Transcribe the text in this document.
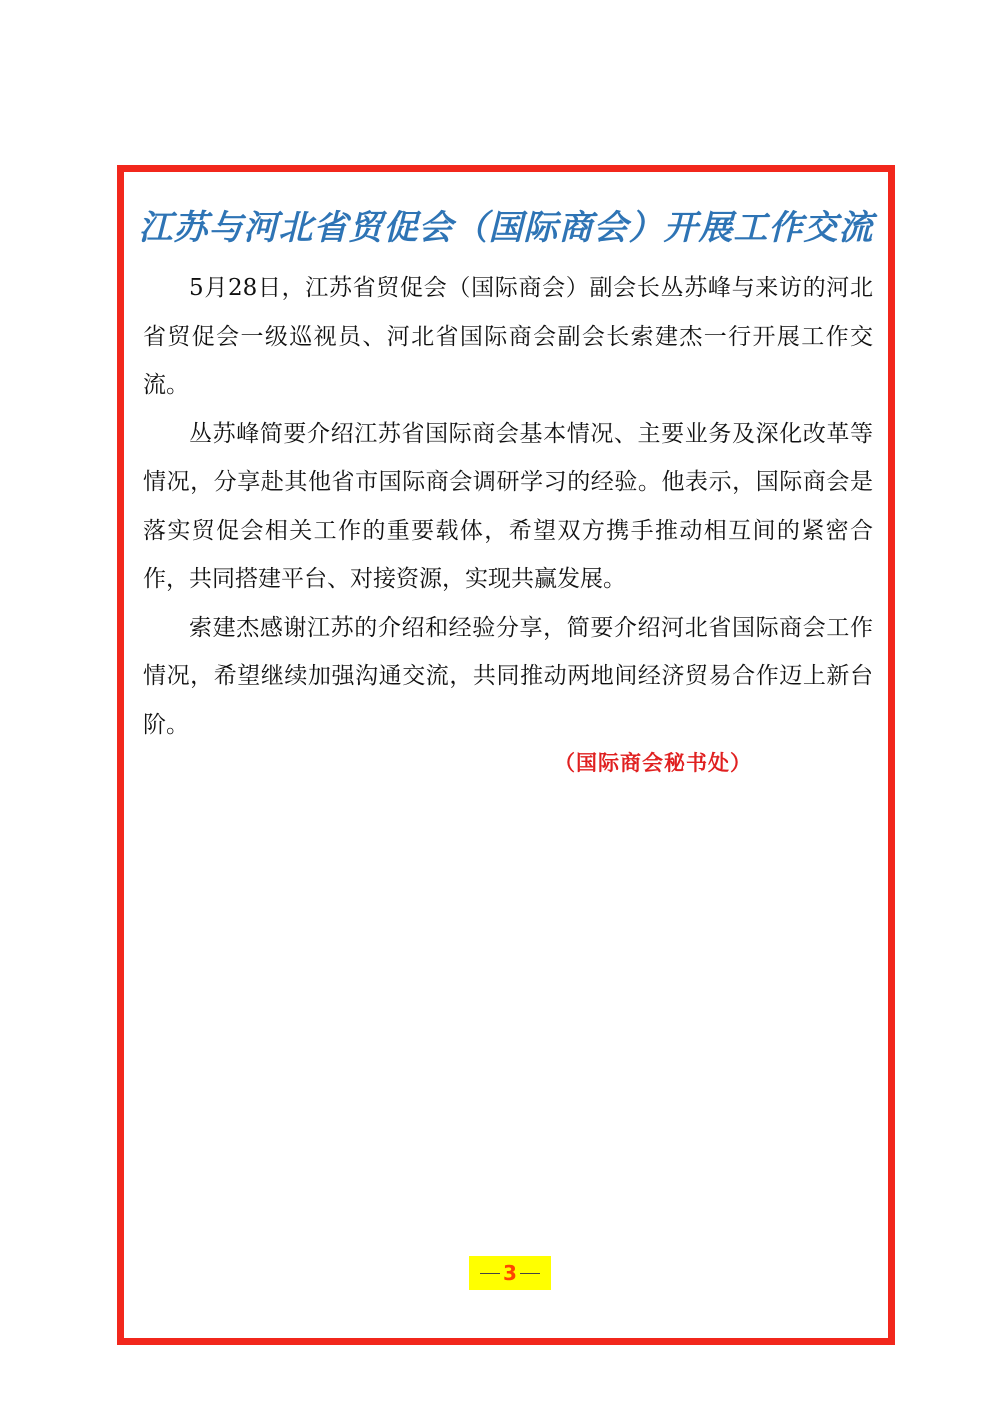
江苏与河北省贸促会（国际商会）开展工作交流

5月28日，江苏省贸促会（国际商会）副会长丛苏峰与来访的河北省贸促会一级巡视员、河北省国际商会副会长索建杰一行开展工作交流。

丛苏峰简要介绍江苏省国际商会基本情况、主要业务及深化改革等情况，分享赴其他省市国际商会调研学习的经验。他表示，国际商会是落实贸促会相关工作的重要载体，希望双方携手推动相互间的紧密合作，共同搭建平台、对接资源，实现共赢发展。

索建杰感谢江苏的介绍和经验分享，简要介绍河北省国际商会工作情况，希望继续加强沟通交流，共同推动两地间经济贸易合作迈上新台阶。

（国际商会秘书处）
3
